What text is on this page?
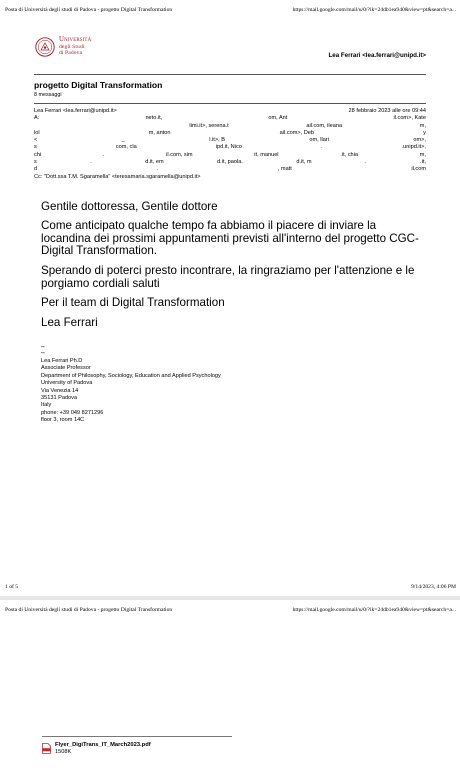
Posta di Università degli studi di Padova - progetto Digital Transformation	https://mail.google.com/mail/u/0/?ik=24db1ea940&view=pt&search=a...
Università
degli Studi
di Padova	Lea Ferrari <lea.ferrari@unipd.it>
progetto Digital Transformation
8 messaggi
Lea Ferrari <lea.ferrari@unipd.it>	28 febbraio 2023 alle ore 09:44
A:	neto.it,	om, Ant	il.com>, Kate
limi.it>, serena.t	ail.com, ileana	m,
lol	m, anton	ail.com>, Deb	y
<	_	l.it>, B	om, llari	om>,
s	com, cla	ipd.it, Nico	.	.unipd.it>,
chi	.	il.com, sim	it, manuel	.it, chia	m,
s	.	d.it, em	d.it, paola.	d.it, m	.	.it,
d	.	, matt	il.com
Cc: "Dott.ssa T.M. Sgaramella" <teresamaria.sgaramella@unipd.it>
Gentile dottoressa, Gentile dottore
Come anticipato qualche tempo fa abbiamo il piacere di inviare la locandina dei prossimi appuntamenti previsti all'interno del progetto CGC-Digital Transformation.
Sperando di poterci presto incontrare, la ringraziamo per l'attenzione e le porgiamo cordiali saluti
Per il team di Digital Transformation
Lea Ferrari
--
--
Lea Ferrari Ph.D
Associate Professor
Department of Philosophy, Sociology, Education and Applied Psychology
University of Padova
Via Venezia 14
35131 Padova
Italy
phone: +39 049 8271296
floor 3, room 14C
1 of 5	9/14/2023, 4:06 PM
Posta di Università degli studi di Padova - progetto Digital Transformation	https://mail.google.com/mail/u/0/?ik=24db1ea940&view=pt&search=a...
Flyer_DigiTrans_IT_March2023.pdf
1508K
